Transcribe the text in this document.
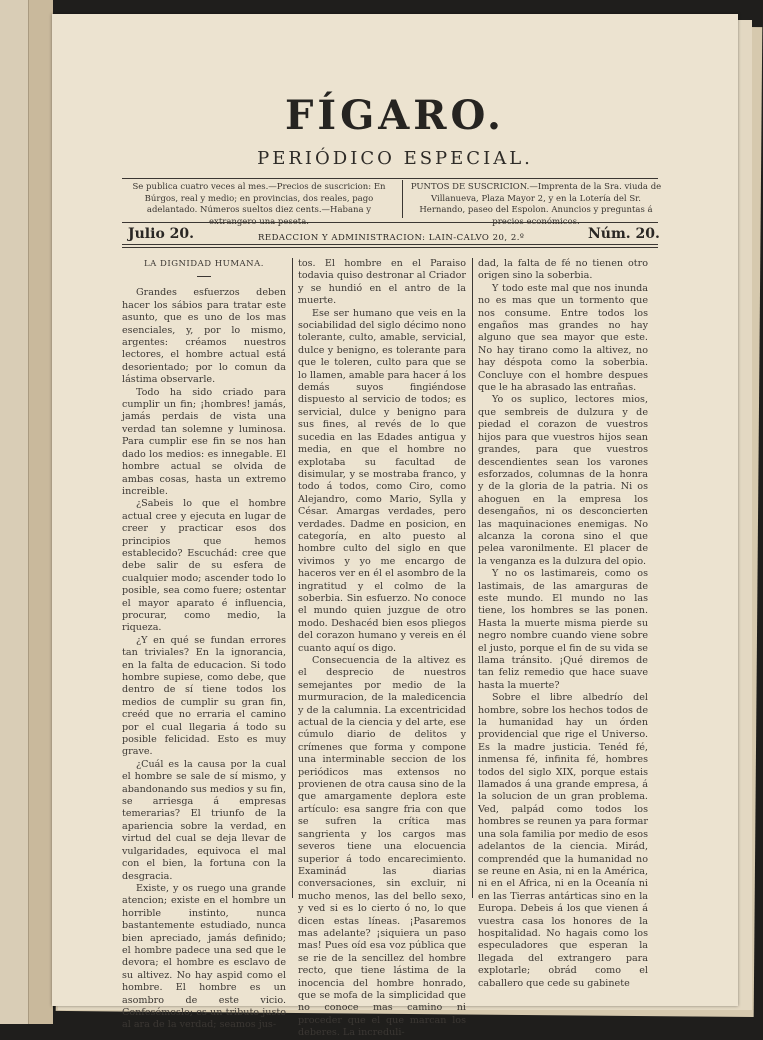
FÍGARO.
PERIÓDICO ESPECIAL.
Se publica cuatro veces al mes.—Precios de suscricion: En Búrgos, real y medio; en provincias, dos reales, pago adelantado. Números sueltos diez cents.—Habana y
PUNTOS DE SUSCRICION.—Imprenta de la Sra. viuda de Villanueva, Plaza Mayor 2, y en la Lotería del Sr. Hernando, paseo del Espolon. Anuncios y preguntas á
Julio 20.	REDACCION Y ADMINISTRACION: LAIN-CALVO 20, 2.º	Núm. 20.
LA DIGNIDAD HUMANA.

Grandes esfuerzos deben hacer los sábios para tratar este asunto, que es uno de los mas esenciales, y, por lo mismo, argentes: créamos nuestros lectores, el hombre actual está desorientado; por lo comun da lástima observarle.

Todo ha sido criado para cumplir un fin; ¡hombres! jamás, jamás perdais de vista una verdad tan solemne y luminosa. Para cumplir ese fin se nos han dado los medios: es innegable. El hombre actual se olvida de ambas cosas, hasta un extremo increible.

¿Sabeis lo que el hombre actual cree y ejecuta en lugar de creer y practicar esos dos principios que hemos establecido? Escuchád: cree que debe salir de su esfera de cualquier modo; ascender todo lo posible, sea como fuere; ostentar el mayor aparato é influencia, procurar, como medio, la riqueza.

¿Y en qué se fundan errores tan triviales? En la ignorancia, en la falta de educacion. Si todo hombre supiese, como debe, que dentro de sí tiene todos los medios de cumplir su gran fin, creéd que no erraria el camino por el cual llegaria á todo su posible felicidad. Esto es muy grave.

¿Cuál es la causa por la cual el hombre se sale de sí mismo, y abandonando sus medios y su fin, se arriesga á empresas temerarias? El triunfo de la apariencia sobre la verdad, en virtud del cual se deja llevar de vulgaridades, equivoca el mal con el bien, la fortuna con la desgracia.

Existe, y os ruego una grande atencion; existe en el hombre un horrible instinto, nunca bastantemente estudiado, nunca bien apreciado, jamás definido; el hombre padece una sed que le devora; el hombre es esclavo de su altivez. No hay aspid como el hombre. El hombre es un asombro de este vicio. Confesémoslo; es un tributo justo al ara de la verdad; seamos jus-

tos. El hombre en el Paraiso todavia quiso destronar al Criador y se hundió en el antro de la muerte.

Ese ser humano que veis en la sociabilidad del siglo décimo nono tolerante, culto, amable, servicial, dulce y benigno, es tolerante para que le toleren, culto para que se lo llamen, amable para hacer á los demás suyos fingiéndose dispuesto al servicio de todos; es servicial, dulce y benigno para sus fines, al revés de lo que sucedia en las Edades antigua y media, en que el hombre no explotaba su facultad de disimular, y se mostraba franco, y todo á todos, como Ciro, como Alejandro, como Mario, Sylla y César. Amargas verdades, pero verdades. Dadme en posicion, en categoría, en alto puesto al hombre culto del siglo en que vivimos y yo me encargo de haceros ver en él el asombro de la ingratitud y el colmo de la soberbia. Sin esfuerzo. No conoce el mundo quien juzgue de otro modo. Deshacéd bien esos pliegos del corazon humano y vereis en él cuanto aquí os digo.

Consecuencia de la altivez es el desprecio de nuestros semejantes por medio de la murmuracion, de la maledicencia y de la calumnia. La excentricidad actual de la ciencia y del arte, ese cúmulo diario de delitos y crímenes que forma y compone una interminable seccion de los periódicos mas extensos no provienen de otra causa sino de la que amargamente deplora este artículo: esa sangre fria con que se sufren la crítica mas sangrienta y los cargos mas severos tiene una elocuencia superior á todo encarecimiento. Examinád las diarias conversaciones, sin excluir, ni mucho menos, las del bello sexo, y ved si es lo cierto ó no, lo que dicen estas líneas. ¡Pasaremos mas adelante? ¡siquiera un paso mas! Pues oíd esa voz pública que se rie de la sencillez del hombre recto, que tiene lástima de la inocencia del hombre honrado, que se mofa de la simplicidad que no conoce mas camino ni proceder que el que marcan los deberes. La increduli-

dad, la falta de fé no tienen otro origen sino la soberbia.

Y todo este mal que nos inunda no es mas que un tormento que nos consume. Entre todos los engaños mas grandes no hay alguno que sea mayor que este. No hay tirano como la altivez, no hay déspota como la soberbia. Concluye con el hombre despues que le ha abrasado las entrañas.

Yo os suplico, lectores mios, que sembreis de dulzura y de piedad el corazon de vuestros hijos para que vuestros hijos sean grandes, para que vuestros descendientes sean los varones esforzados, columnas de la honra y de la gloria de la patria. Ni os ahoguen en la empresa los desengaños, ni os desconcierten las maquinaciones enemigas. No alcanza la corona sino el que pelea varonilmente. El placer de la venganza es la dulzura del opio.

Y no os lastimareis, como os lastimais, de las amarguras de este mundo. El mundo no las tiene, los hombres se las ponen. Hasta la muerte misma pierde su negro nombre cuando viene sobre el justo, porque el fin de su vida se llama tránsito. ¡Qué diremos de tan feliz remedio que hace suave hasta la muerte?

Sobre el libre albedrío del hombre, sobre los hechos todos de la humanidad hay un órden providencial que rige el Universo. Es la madre justicia. Tenéd fé, inmensa fé, infinita fé, hombres todos del siglo XIX, porque estais llamados á una grande empresa, á la solucion de un gran problema. Ved, palpád como todos los hombres se reunen ya para formar una sola familia por medio de esos adelantos de la ciencia. Mirád, comprendéd que la humanidad no se reune en Asia, ni en la América, ni en el Africa, ni en la Oceanía ni en las Tierras antárticas sino en la Europa. Debeis á los que vienen á vuestra casa los honores de la hospitalidad. No hagais como los especuladores que esperan la llegada del extrangero para explotarle; obrád como el caballero que cede su gabinete
